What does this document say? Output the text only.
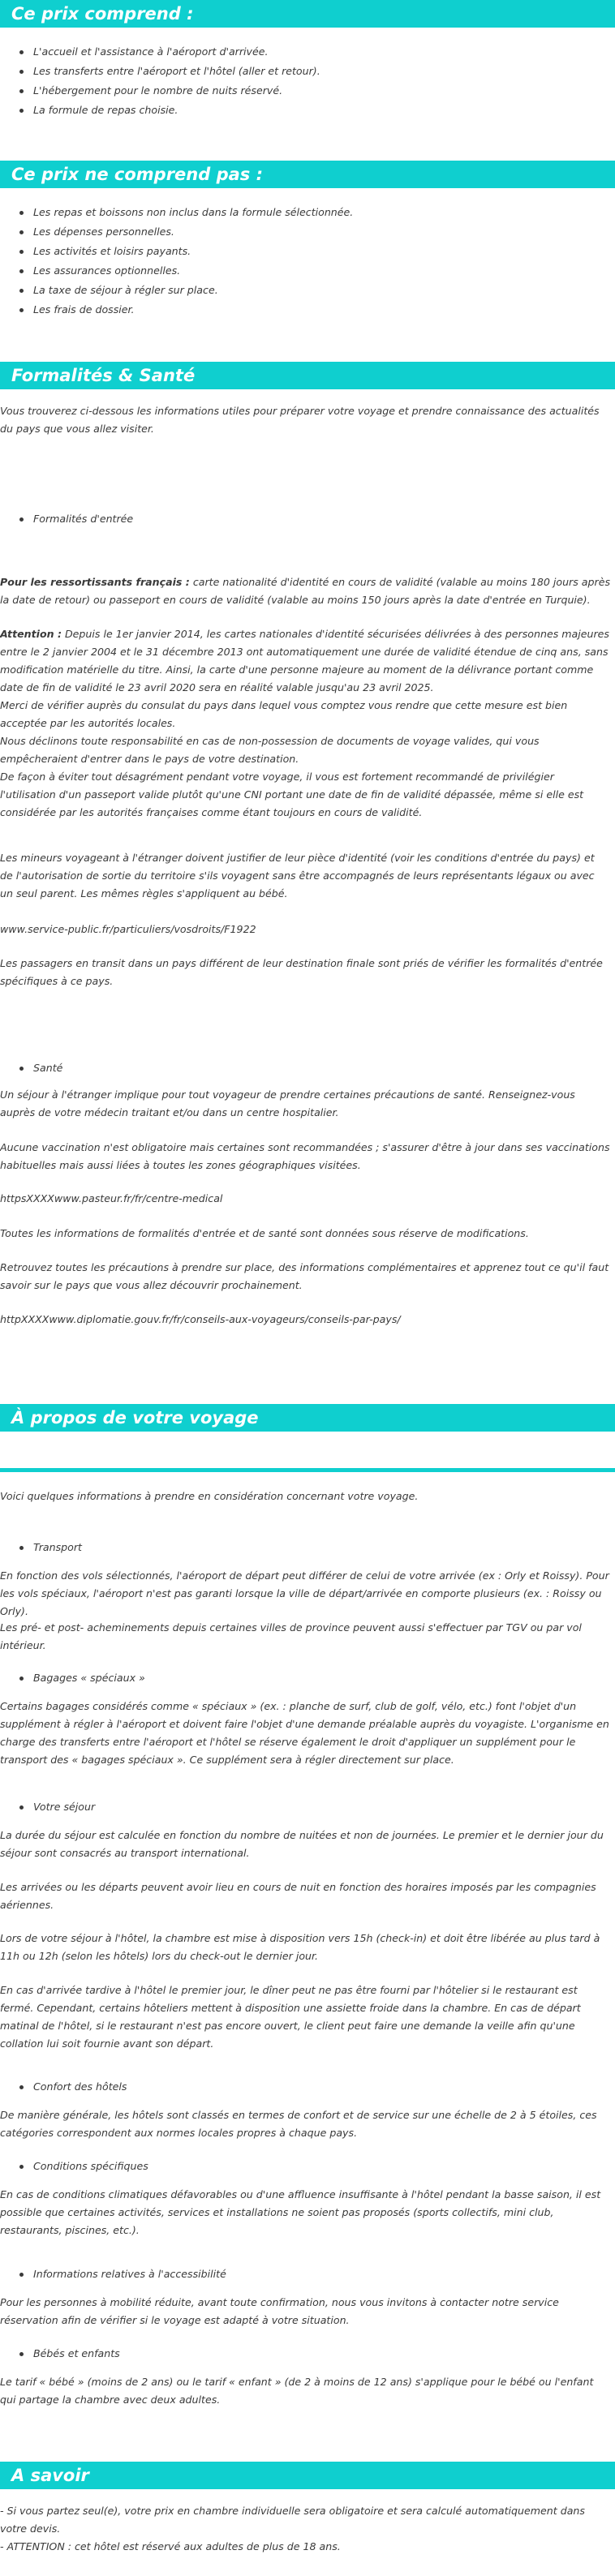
Ce prix comprend :
L'accueil et l'assistance à l'aéroport d'arrivée.
Les transferts entre l'aéroport et l'hôtel (aller et retour).
L'hébergement pour le nombre de nuits réservé.
La formule de repas choisie.
Ce prix ne comprend pas :
Les repas et boissons non inclus dans la formule sélectionnée.
Les dépenses personnelles.
Les activités et loisirs payants.
Les assurances optionnelles.
La taxe de séjour à régler sur place.
Les frais de dossier.
Formalités & Santé

Vous trouverez ci-dessous les informations utiles pour préparer votre voyage et prendre connaissance des actualités du pays que vous allez visiter.

Formalités d'entrée

Pour les ressortissants français : carte nationalité d'identité en cours de validité (valable au moins 180 jours après la date de retour) ou passeport en cours de validité (valable au moins 150 jours après la date d'entrée en Turquie).

Attention : Depuis le 1er janvier 2014, les cartes nationales d'identité sécurisées délivrées à des personnes majeures entre le 2 janvier 2004 et le 31 décembre 2013 ont automatiquement une durée de validité étendue de cinq ans, sans modification matérielle du titre. Ainsi, la carte d'une personne majeure au moment de la délivrance portant comme date de fin de validité le 23 avril 2020 sera en réalité valable jusqu'au 23 avril 2025.

Merci de vérifier auprès du consulat du pays dans lequel vous comptez vous rendre que cette mesure est bien acceptée par les autorités locales.

Nous déclinons toute responsabilité en cas de non-possession de documents de voyage valides, qui vous empêcheraient d'entrer dans le pays de votre destination.

De façon à éviter tout désagrément pendant votre voyage, il vous est fortement recommandé de privilégier l'utilisation d'un passeport valide plutôt qu'une CNI portant une date de fin de validité dépassée, même si elle est considérée par les autorités françaises comme étant toujours en cours de validité.

Les mineurs voyageant à l'étranger doivent justifier de leur pièce d'identité (voir les conditions d'entrée du pays) et de l'autorisation de sortie du territoire s'ils voyagent sans être accompagnés de leurs représentants légaux ou avec un seul parent. Les mêmes règles s'appliquent au bébé.

www.service-public.fr/particuliers/vosdroits/F1922

Les passagers en transit dans un pays différent de leur destination finale sont priés de vérifier les formalités d'entrée spécifiques à ce pays.

Santé

Un séjour à l'étranger implique pour tout voyageur de prendre certaines précautions de santé. Renseignez-vous auprès de votre médecin traitant et/ou dans un centre hospitalier.

Aucune vaccination n'est obligatoire mais certaines sont recommandées ; s'assurer d'être à jour dans ses vaccinations habituelles mais aussi liées à toutes les zones géographiques visitées.

httpsXXXXwww.pasteur.fr/fr/centre-medical

Toutes les informations de formalités d'entrée et de santé sont données sous réserve de modifications.

Retrouvez toutes les précautions à prendre sur place, des informations complémentaires et apprenez tout ce qu'il faut savoir sur le pays que vous allez découvrir prochainement.

httpXXXXwww.diplomatie.gouv.fr/fr/conseils-aux-voyageurs/conseils-par-pays/

À propos de votre voyage

Voici quelques informations à prendre en considération concernant votre voyage.

Transport

En fonction des vols sélectionnés, l'aéroport de départ peut différer de celui de votre arrivée (ex : Orly et Roissy). Pour les vols spéciaux, l'aéroport n'est pas garanti lorsque la ville de départ/arrivée en comporte plusieurs (ex. : Roissy ou Orly).

Les pré- et post- acheminements depuis certaines villes de province peuvent aussi s'effectuer par TGV ou par vol intérieur.

Bagages « spéciaux »

Certains bagages considérés comme « spéciaux » (ex. : planche de surf, club de golf, vélo, etc.) font l'objet d'un supplément à régler à l'aéroport et doivent faire l'objet d'une demande préalable auprès du voyagiste. L'organisme en charge des transferts entre l'aéroport et l'hôtel se réserve également le droit d'appliquer un supplément pour le transport des « bagages spéciaux ». Ce supplément sera à régler directement sur place.

Votre séjour

La durée du séjour est calculée en fonction du nombre de nuitées et non de journées. Le premier et le dernier jour du séjour sont consacrés au transport international.

Les arrivées ou les départs peuvent avoir lieu en cours de nuit en fonction des horaires imposés par les compagnies aériennes.

Lors de votre séjour à l'hôtel, la chambre est mise à disposition vers 15h (check-in) et doit être libérée au plus tard à 11h ou 12h (selon les hôtels) lors du check-out le dernier jour.

En cas d'arrivée tardive à l'hôtel le premier jour, le dîner peut ne pas être fourni par l'hôtelier si le restaurant est fermé. Cependant, certains hôteliers mettent à disposition une assiette froide dans la chambre. En cas de départ matinal de l'hôtel, si le restaurant n'est pas encore ouvert, le client peut faire une demande la veille afin qu'une collation lui soit fournie avant son départ.

Confort des hôtels

De manière générale, les hôtels sont classés en termes de confort et de service sur une échelle de 2 à 5 étoiles, ces catégories correspondent aux normes locales propres à chaque pays.

Conditions spécifiques

En cas de conditions climatiques défavorables ou d'une affluence insuffisante à l'hôtel pendant la basse saison, il est possible que certaines activités, services et installations ne soient pas proposés (sports collectifs, mini club, restaurants, piscines, etc.).

Informations relatives à l'accessibilité

Pour les personnes à mobilité réduite, avant toute confirmation, nous vous invitons à contacter notre service réservation afin de vérifier si le voyage est adapté à votre situation.

Bébés et enfants

Le tarif « bébé » (moins de 2 ans) ou le tarif « enfant » (de 2 à moins de 12 ans) s'applique pour le bébé ou l'enfant qui partage la chambre avec deux adultes.

A savoir

- Si vous partez seul(e), votre prix en chambre individuelle sera obligatoire et sera calculé automatiquement dans votre devis.

- ATTENTION : cet hôtel est réservé aux adultes de plus de 18 ans.
